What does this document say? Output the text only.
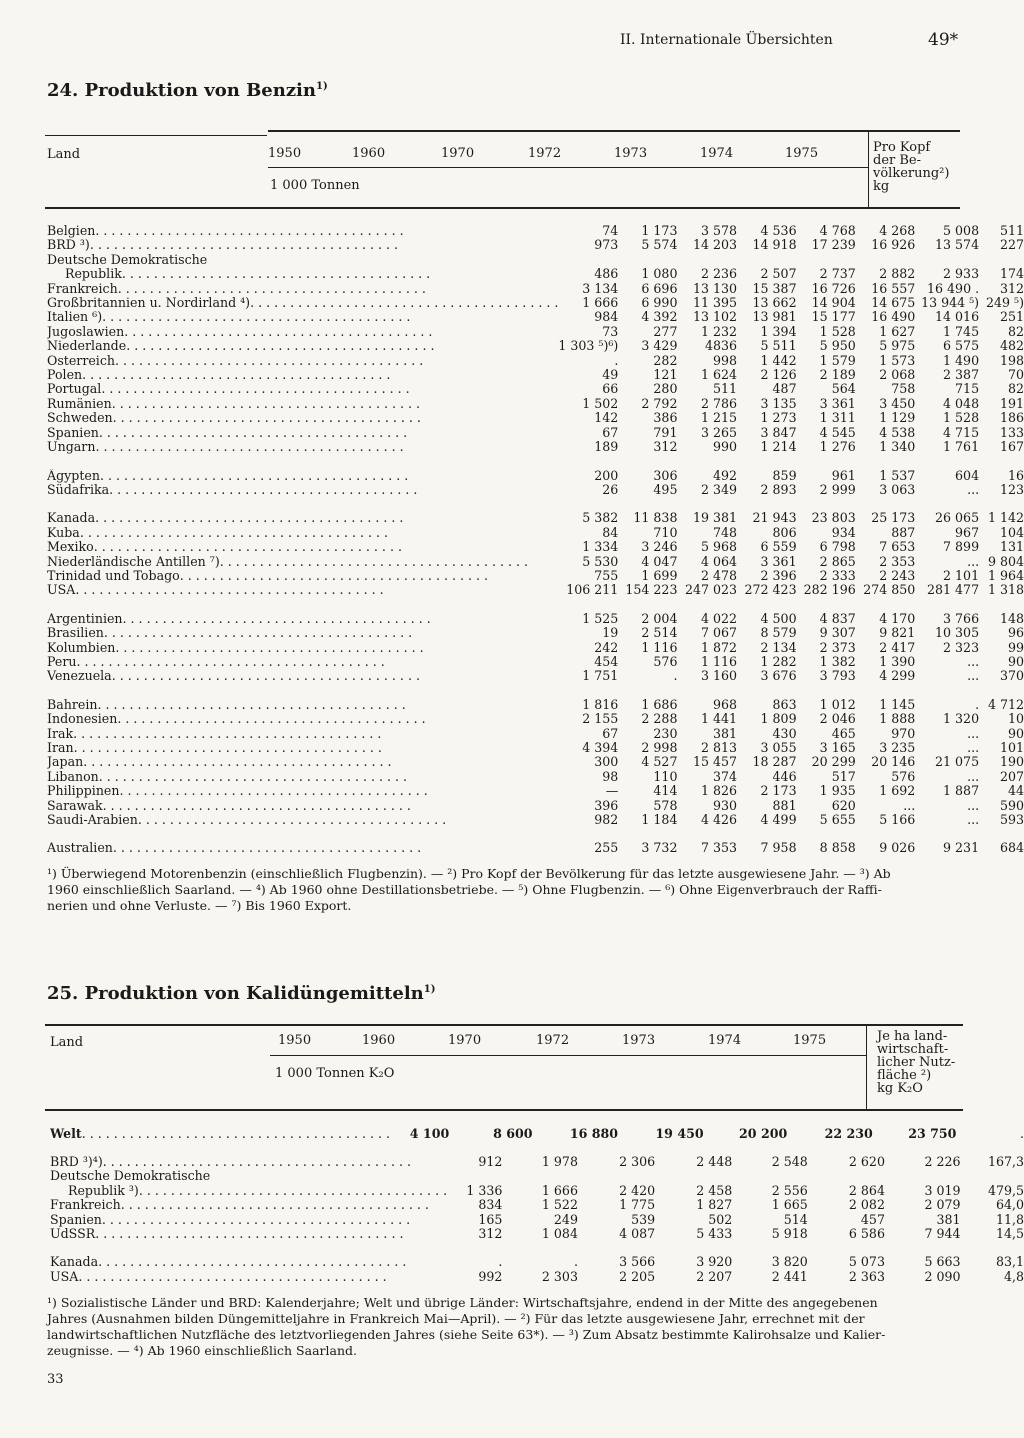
II. Internationale Übersichten	49*
24. Produktion von Benzin$^{1)}$
Land	1950	1960	1970	1972	1973	1974	1975
1 000 Tonnen
Pro Kopf
der Be-
völkerung²)
kg
Belgien. . .	74	1 173	3 578	4 536	4 768	4 268	5 008	511
BRD ³). . .	973	5 574	14 203	14 918	17 239	16 926	13 574	227
Deutsche Demokratische								
Republik. . .	486	1 080	2 236	2 507	2 737	2 882	2 933	174
Frankreich. . .	3 134	6 696	13 130	15 387	16 726	16 557	16 490 .	312
Großbritannien u. Nordirland ⁴). . .	1 666	6 990	11 395	13 662	14 904	14 675	13 944 ⁵)	249 ⁵)
Italien ⁶). . .	984	4 392	13 102	13 981	15 177	16 490	14 016	251
Jugoslawien. . .	73	277	1 232	1 394	1 528	1 627	1 745	82
Niederlande. . .	1 303 ⁵)⁶)	3 429	4836	5 511	5 950	5 975	6 575	482
Österreich. . .	.	282	998	1 442	1 579	1 573	1 490	198
Polen. . .	49	121	1 624	2 126	2 189	2 068	2 387	70
Portugal. . .	66	280	511	487	564	758	715	82
Rumänien. . .	1 502	2 792	2 786	3 135	3 361	3 450	4 048	191
Schweden. . .	142	386	1 215	1 273	1 311	1 129	1 528	186
Spanien. . .	67	791	3 265	3 847	4 545	4 538	4 715	133
Ungarn. . .	189	312	990	1 214	1 276	1 340	1 761	167

Ägypten. . .	200	306	492	859	961	1 537	604	16
Südafrika. . .	26	495	2 349	2 893	2 999	3 063	...	123

Kanada. . .	5 382	11 838	19 381	21 943	23 803	25 173	26 065	1 142
Kuba. . .	84	710	748	806	934	887	967	104
Mexiko. . .	1 334	3 246	5 968	6 559	6 798	7 653	7 899	131
Niederländische Antillen ⁷). . .	5 530	4 047	4 064	3 361	2 865	2 353	...	9 804
Trinidad und Tobago. . .	755	1 699	2 478	2 396	2 333	2 243	2 101	1 964
USA. . .	106 211	154 223	247 023	272 423	282 196	274 850	281 477	1 318

Argentinien. . .	1 525	2 004	4 022	4 500	4 837	4 170	3 766	148
Brasilien. . .	19	2 514	7 067	8 579	9 307	9 821	10 305	96
Kolumbien. . .	242	1 116	1 872	2 134	2 373	2 417	2 323	99
Peru. . .	454	576	1 116	1 282	1 382	1 390	...	90
Venezuela. . .	1 751	.	3 160	3 676	3 793	4 299	...	370

Bahrein. . .	1 816	1 686	968	863	1 012	1 145	.	4 712
Indonesien. . .	2 155	2 288	1 441	1 809	2 046	1 888	1 320	10
Irak. . .	67	230	381	430	465	970	...	90
Iran. . .	4 394	2 998	2 813	3 055	3 165	3 235	...	101
Japan. . .	300	4 527	15 457	18 287	20 299	20 146	21 075	190
Libanon. . .	98	110	374	446	517	576	...	207
Philippinen. . .	—	414	1 826	2 173	1 935	1 692	1 887	44
Sarawak. . .	396	578	930	881	620	...	...	590
Saudi-Arabien. . .	982	1 184	4 426	4 499	5 655	5 166	...	593

Australien. . .	255	3 732	7 353	7 958	8 858	9 026	9 231	684
¹) Überwiegend Motorenbenzin (einschließlich Flugbenzin). — ²) Pro Kopf der Bevölkerung für das letzte ausgewiesene Jahr. — ³) Ab
1960 einschließlich Saarland. — ⁴) Ab 1960 ohne Destillationsbetriebe. — ⁵) Ohne Flugbenzin. — ⁶) Ohne Eigenverbrauch der Raffi-
nerien und ohne Verluste. — ⁷) Bis 1960 Export.
25. Produktion von Kalidüngemitteln$^{1)}$
Land	1950	1960	1970	1972	1973	1974	1975
1 000 Tonnen K₂O
Je ha land-
wirtschaft-
licher Nutz-
fläche ²)
kg K₂O
Welt. . .	4 100	8 600	16 880	19 450	20 200	22 230	23 750	.
BRD ³)⁴). . .	912	1 978	2 306	2 448	2 548	2 620	2 226	167,3
Deutsche Demokratische								
Republik ³). . .	1 336	1 666	2 420	2 458	2 556	2 864	3 019	479,5
Frankreich. . .	834	1 522	1 775	1 827	1 665	2 082	2 079	64,0
Spanien. . .	165	249	539	502	514	457	381	11,8
UdSSR. . .	312	1 084	4 087	5 433	5 918	6 586	7 944	14,5

Kanada. . .	.	.	3 566	3 920	3 820	5 073	5 663	83,1
USA. . .	992	2 303	2 205	2 207	2 441	2 363	2 090	4,8
¹) Sozialistische Länder und BRD: Kalenderjahre; Welt und übrige Länder: Wirtschaftsjahre, endend in der Mitte des angegebenen
Jahres (Ausnahmen bilden Düngemitteljahre in Frankreich Mai—April). — ²) Für das letzte ausgewiesene Jahr, errechnet mit der
landwirtschaftlichen Nutzfläche des letztvorliegenden Jahres (siehe Seite 63*). — ³) Zum Absatz bestimmte Kalirohsalze und Kalier-
zeugnisse. — ⁴) Ab 1960 einschließlich Saarland.
33
